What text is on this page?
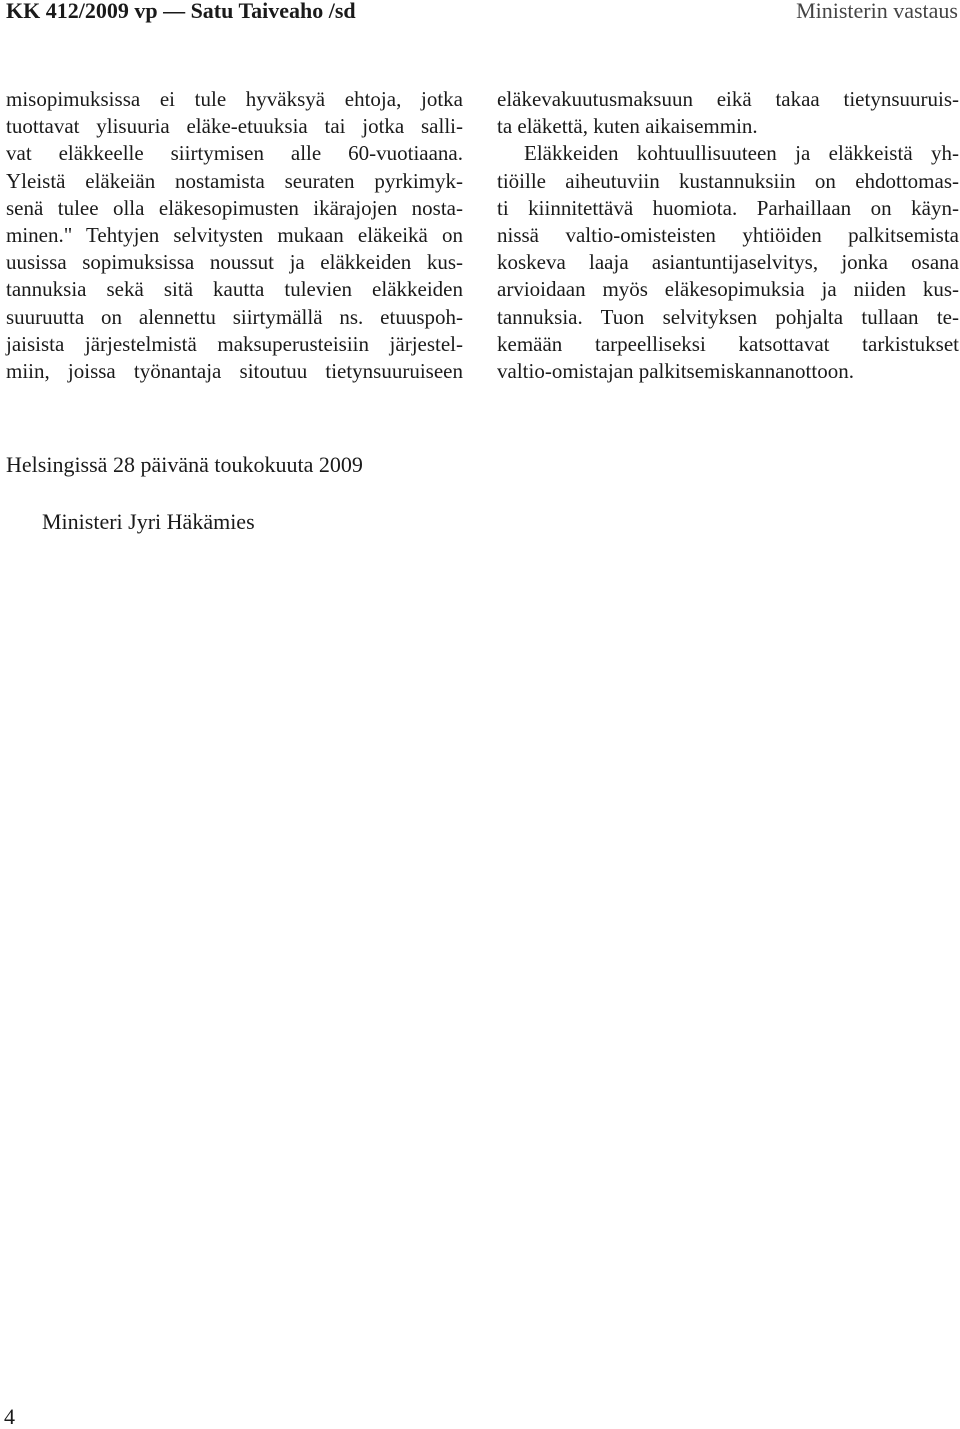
KK 412/2009 vp — Satu Taiveaho /sd	Ministerin vastaus
misopimuksissa ei tule hyväksyä ehtoja, jotka
tuottavat ylisuuria eläke-etuuksia tai jotka salli-
vat eläkkeelle siirtymisen alle 60-vuotiaana.
Yleistä eläkeiän nostamista seuraten pyrkimyk-
senä tulee olla eläkesopimusten ikärajojen nosta-
minen." Tehtyjen selvitysten mukaan eläkeikä on
uusissa sopimuksissa noussut ja eläkkeiden kus-
tannuksia sekä sitä kautta tulevien eläkkeiden
suuruutta on alennettu siirtymällä ns. etuuspoh-
jaisista järjestelmistä maksuperusteisiin järjestel-
miin, joissa työnantaja sitoutuu tietynsuuruiseen
eläkevakuutusmaksuun eikä takaa tietynsuuruis-
ta eläkettä, kuten aikaisemmin.
Eläkkeiden kohtuullisuuteen ja eläkkeistä yh-
tiöille aiheutuviin kustannuksiin on ehdottomas-
ti kiinnitettävä huomiota. Parhaillaan on käyn-
nissä valtio-omisteisten yhtiöiden palkitsemista
koskeva laaja asiantuntijaselvitys, jonka osana
arvioidaan myös eläkesopimuksia ja niiden kus-
tannuksia. Tuon selvityksen pohjalta tullaan te-
kemään tarpeelliseksi katsottavat tarkistukset
valtio-omistajan palkitsemiskannanottoon.
Helsingissä 28 päivänä toukokuuta 2009
Ministeri Jyri Häkämies
4
